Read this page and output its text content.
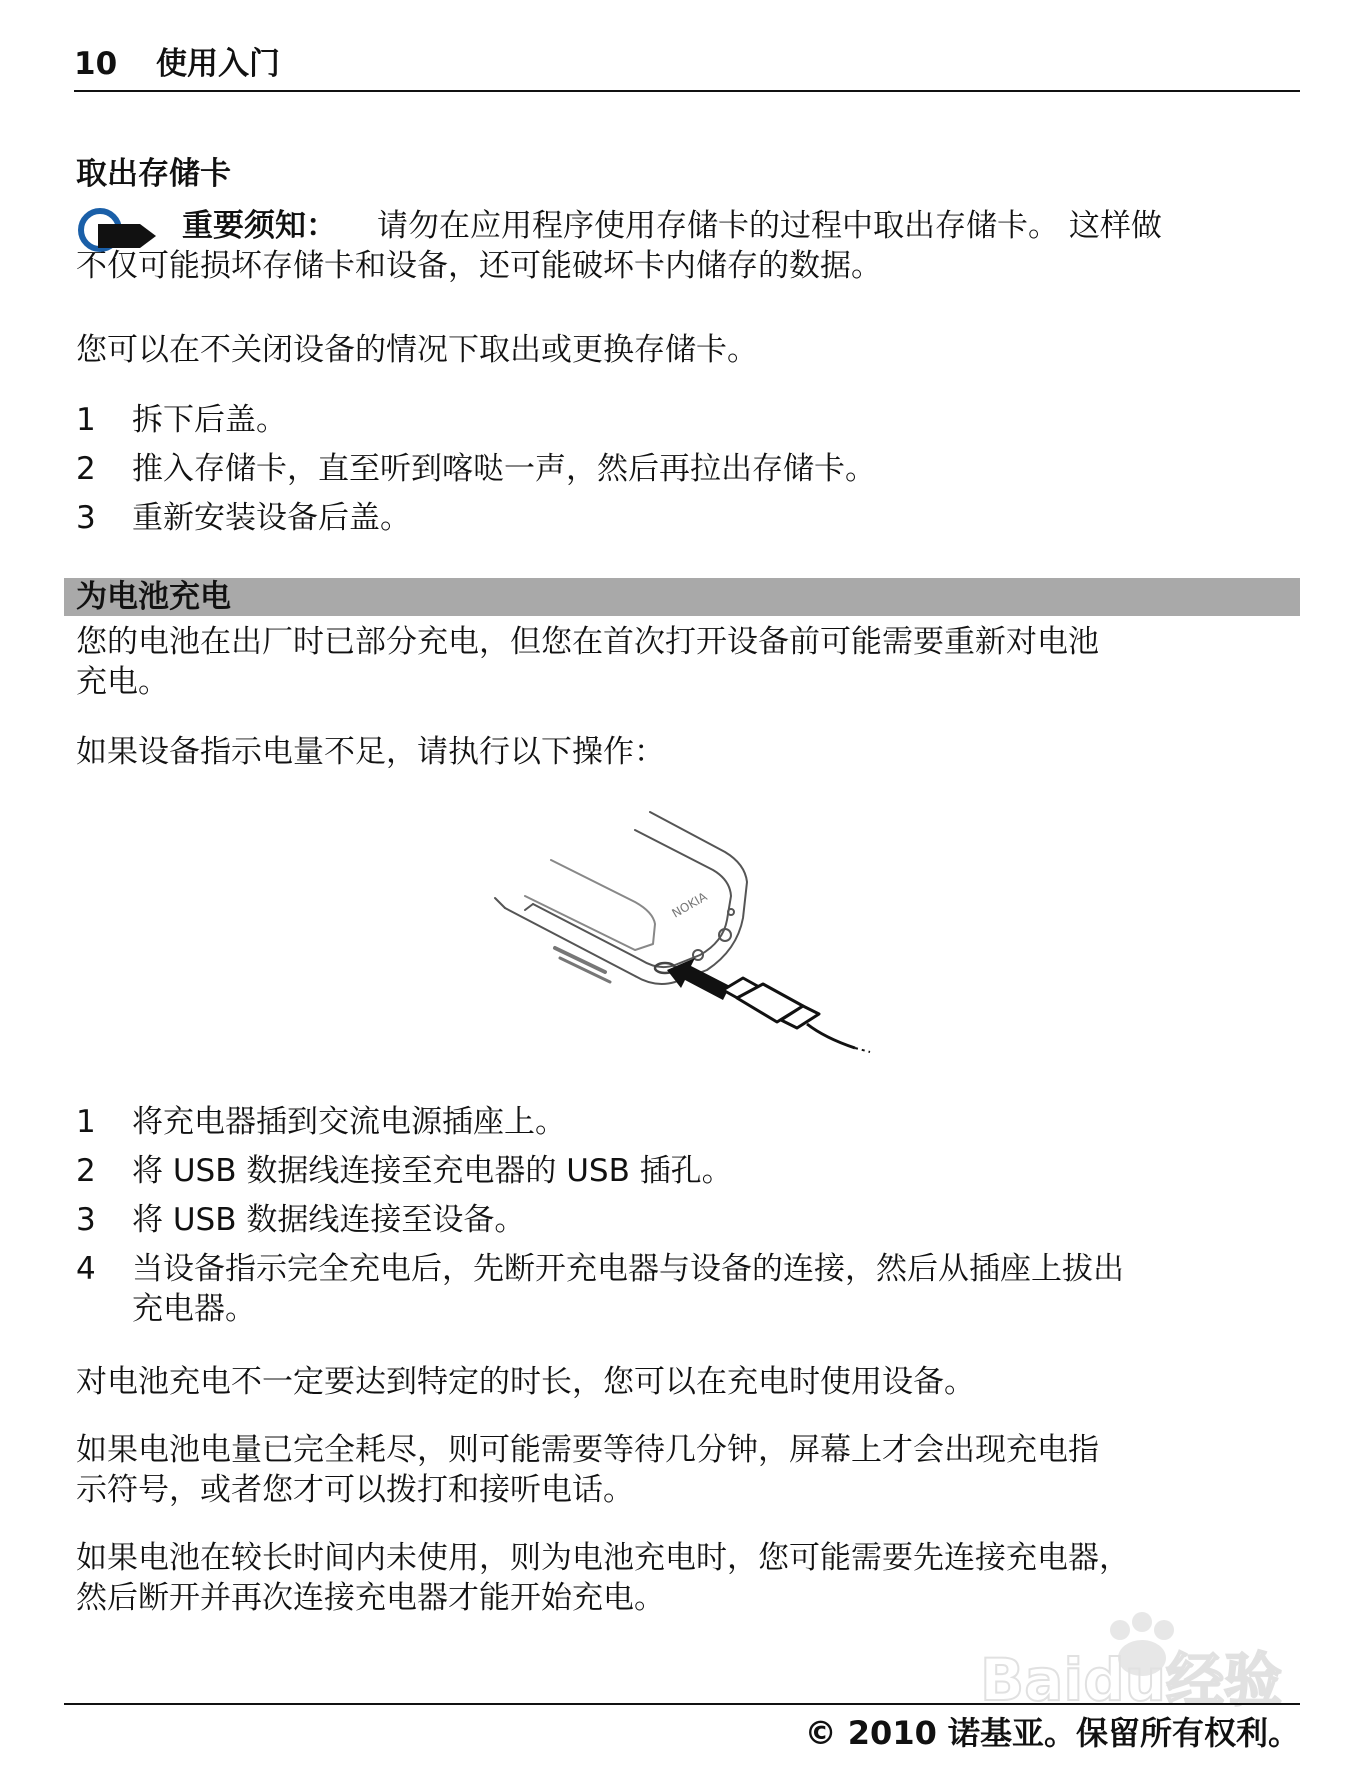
10 使用入门
取出存储卡
重要须知： 请勿在应用程序使用存储卡的过程中取出存储卡。 这样做
不仅可能损坏存储卡和设备，还可能破坏卡内储存的数据。
您可以在不关闭设备的情况下取出或更换存储卡。
1 拆下后盖。
2 推入存储卡，直至听到喀哒一声，然后再拉出存储卡。
3 重新安装设备后盖。
为电池充电
您的电池在出厂时已部分充电，但您在首次打开设备前可能需要重新对电池
充电。
如果设备指示电量不足，请执行以下操作：
NOKIA
1 将充电器插到交流电源插座上。
2 将 USB 数据线连接至充电器的 USB 插孔。
3 将 USB 数据线连接至设备。
4 当设备指示完全充电后，先断开充电器与设备的连接，然后从插座上拔出
充电器。
对电池充电不一定要达到特定的时长，您可以在充电时使用设备。
如果电池电量已完全耗尽，则可能需要等待几分钟，屏幕上才会出现充电指
示符号，或者您才可以拨打和接听电话。
如果电池在较长时间内未使用，则为电池充电时，您可能需要先连接充电器，
然后断开并再次连接充电器才能开始充电。
Baidu经验
© 2010 诺基亚。保留所有权利。
